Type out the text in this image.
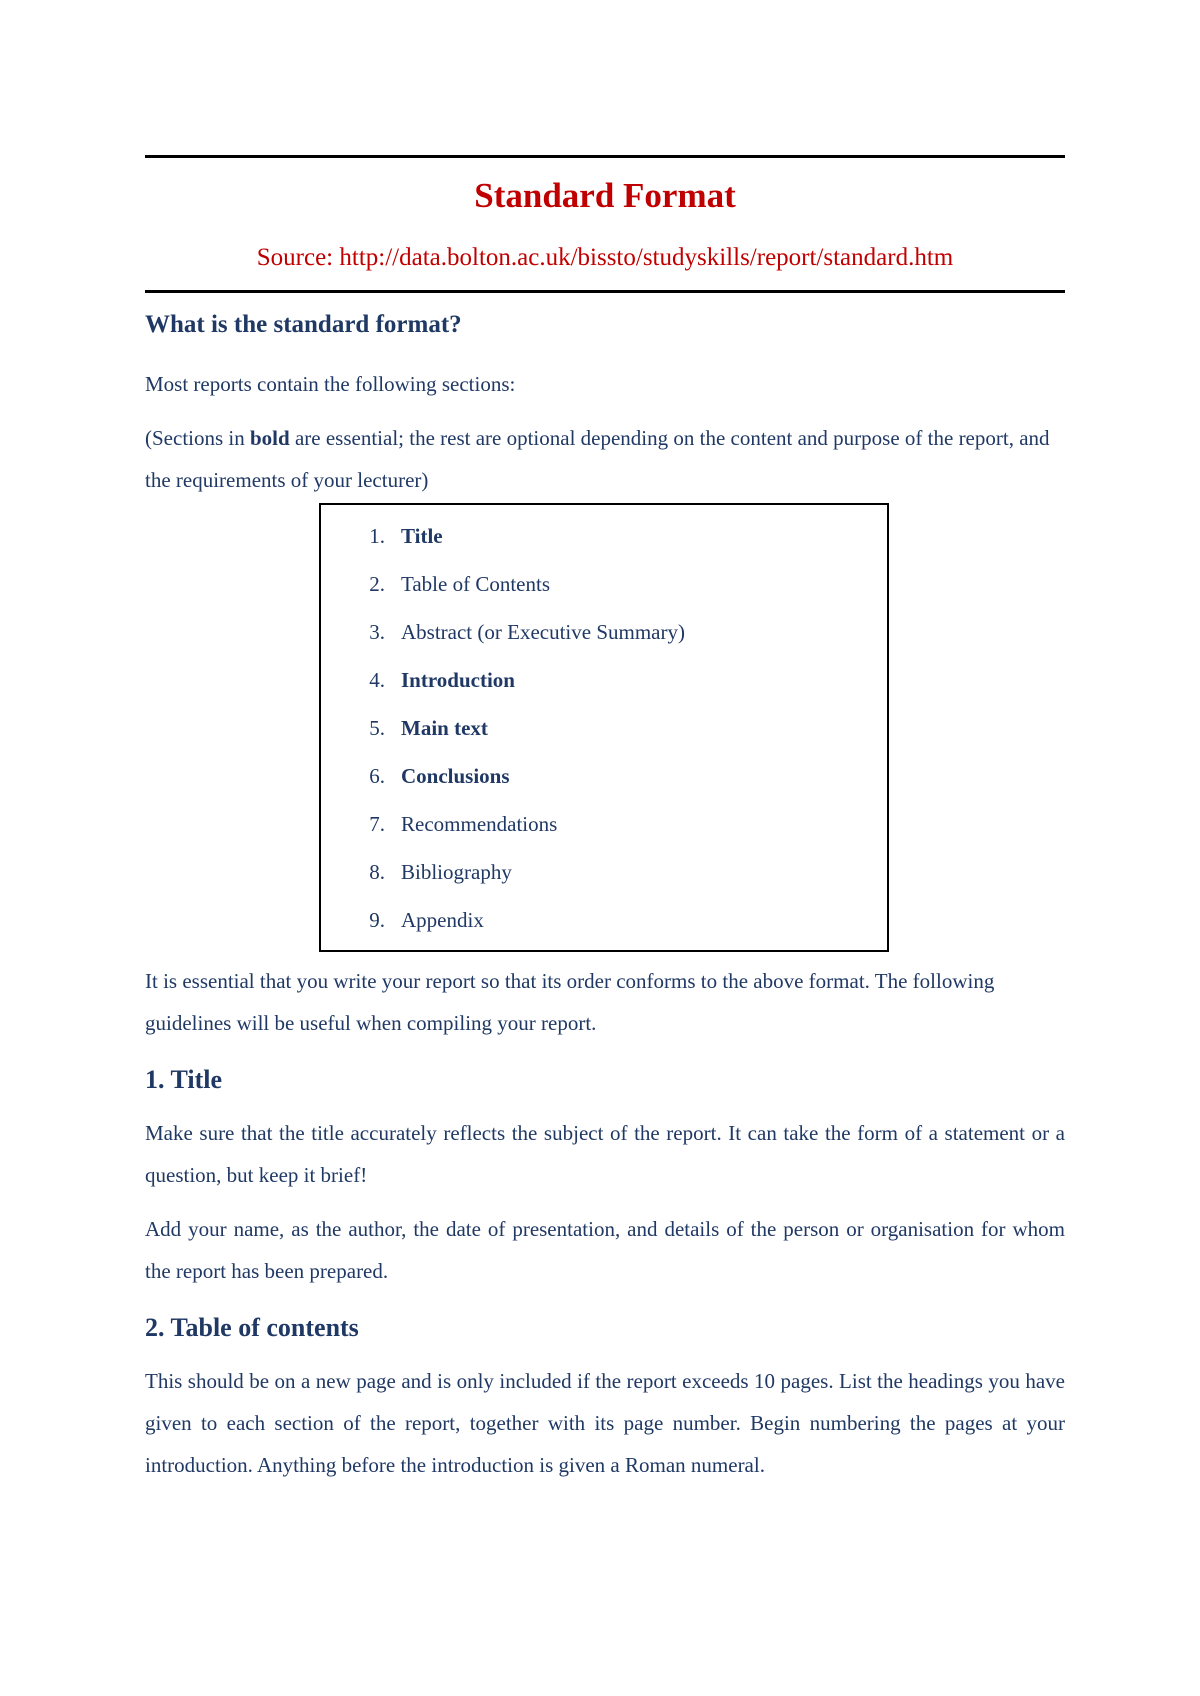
Standard Format
Source: http://data.bolton.ac.uk/bissto/studyskills/report/standard.htm
What is the standard format?

Most reports contain the following sections:

(Sections in bold are essential; the rest are optional depending on the content and purpose of the report, and the requirements of your lecturer)

1. Title
2. Table of Contents
3. Abstract (or Executive Summary)
4. Introduction
5. Main text
6. Conclusions
7. Recommendations
8. Bibliography
9. Appendix

It is essential that you write your report so that its order conforms to the above format. The following guidelines will be useful when compiling your report.

1. Title

Make sure that the title accurately reflects the subject of the report. It can take the form of a statement or a question, but keep it brief!

Add your name, as the author, the date of presentation, and details of the person or organisation for whom the report has been prepared.

2. Table of contents

This should be on a new page and is only included if the report exceeds 10 pages. List the headings you have given to each section of the report, together with its page number. Begin numbering the pages at your introduction. Anything before the introduction is given a Roman numeral.
